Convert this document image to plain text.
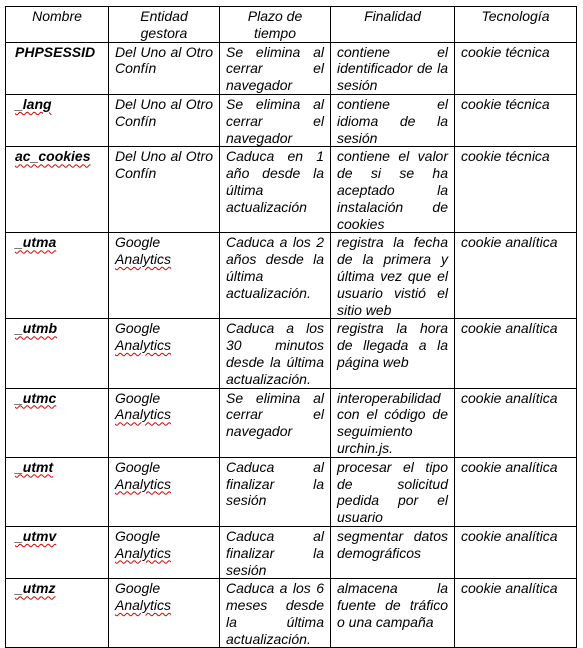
Nombre	Entidad gestora	Plazo de tiempo	Finalidad	Tecnología
PHPSESSID	Del Uno al Otro Confín	Se elimina al cerrar el navegador	contiene el identificador de la sesión	cookie técnica
_lang	Del Uno al Otro Confín	Se elimina al cerrar el navegador	contiene el idioma de la sesión	cookie técnica
ac_cookies	Del Uno al Otro Confín	Caduca en 1 año desde la última actualización	contiene el valor de si se ha aceptado la instalación de cookies	cookie técnica
_utma	Google Analytics	Caduca a los 2 años desde la última actualización.	registra la fecha de la primera y última vez que el usuario vistió el sitio web	cookie analítica
_utmb	Google Analytics	Caduca a los 30 minutos desde la última actualización.	registra la hora de llegada a la página web	cookie analítica
_utmc	Google Analytics	Se elimina al cerrar el navegador	interoperabilidad con el código de seguimiento urchin.js.	cookie analítica
_utmt	Google Analytics	Caduca al finalizar la sesión	procesar el tipo de solicitud pedida por el usuario	cookie analítica
_utmv	Google Analytics	Caduca al finalizar la sesión	segmentar datos demográficos	cookie analítica
_utmz	Google Analytics	Caduca a los 6 meses desde la última actualización.	almacena la fuente de tráfico o una campaña	cookie analítica
